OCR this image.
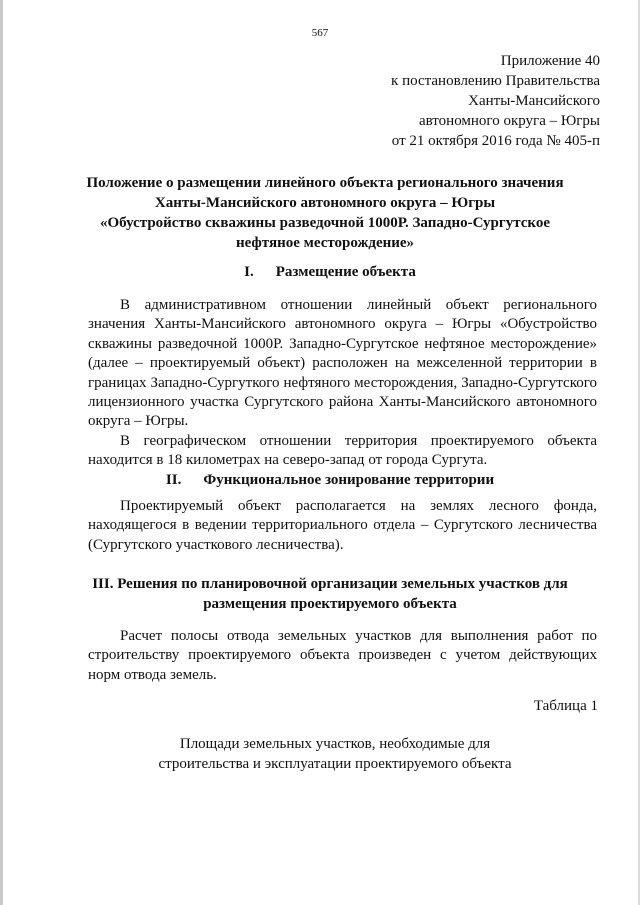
567
Приложение 40
к постановлению Правительства
Ханты-Мансийского
автономного округа – Югры
от 21 октября 2016 года № 405-п
Положение о размещении линейного объекта регионального значения
Ханты-Мансийского автономного округа – Югры
«Обустройство скважины разведочной 1000Р. Западно-Сургутское
нефтяное месторождение»
I. Размещение объекта

В административном отношении линейный объект регионального значения Ханты-Мансийского автономного округа – Югры «Обустройство скважины разведочной 1000Р. Западно-Сургутское нефтяное месторождение» (далее – проектируемый объект) расположен на межселенной территории в границах Западно-Сургуткого нефтяного месторождения, Западно-Сургутского лицензионного участка Сургутского района Ханты-Мансийского автономного округа – Югры.

В географическом отношении территория проектируемого объекта находится в 18 километрах на северо-запад от города Сургута.

II. Функциональное зонирование территории

Проектируемый объект располагается на землях лесного фонда, находящегося в ведении территориального отдела – Сургутского лесничества (Сургутского участкового лесничества).

III. Решения по планировочной организации земельных участков для
размещения проектируемого объекта

Расчет полосы отвода земельных участков для выполнения работ по строительству проектируемого объекта произведен с учетом действующих норм отвода земель.

Таблица 1
Площади земельных участков, необходимые для
строительства и эксплуатации проектируемого объекта
